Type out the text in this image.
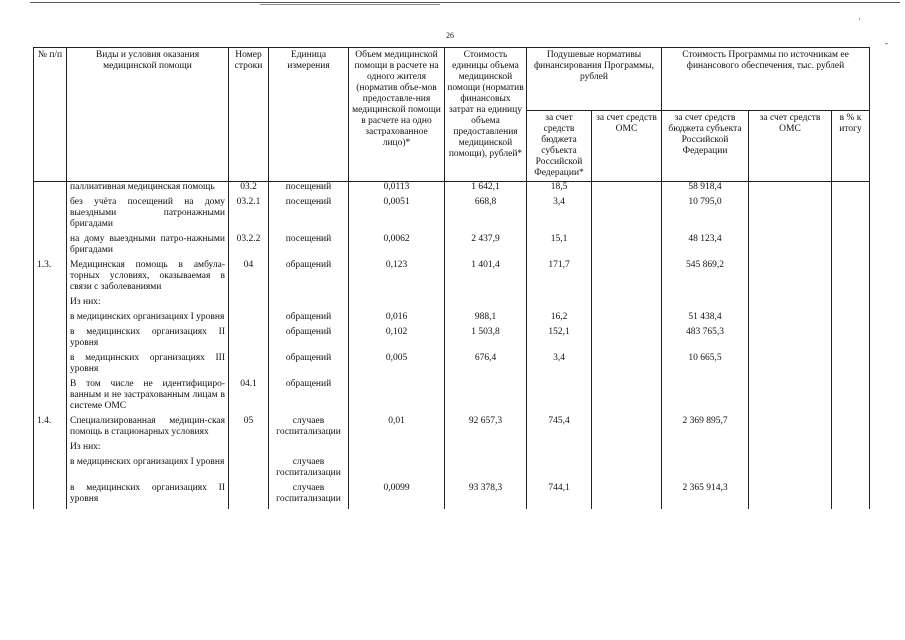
·
-
26
№ п/п	Виды и условия оказания медицинской помощи	Номер строки	Единица измерения	Объем медицинской помощи в расчете на одного жителя (норматив объе-мов предоставле-ния медицинской помощи в расчете на одно застрахованное лицо)*	Стоимость единицы объема медицинской помощи (норматив финансовых затрат на единицу объема предоставления медицинской помощи), рублей*	Подушевые нормативы финансирования Программы, рублей		Стоимость Программы по источникам ее финансового обеспечения, тыс. рублей		
						за счет средств бюджета субъекта Российской Федерации*	за счет средств ОМС	за счет средств бюджета субъекта Российской Федерации	за счет средств ОМС	в % к итогу
	паллиативная медицинская помощь	03.2	посещений	0,0113	1 642,1	18,5		58 918,4		
	без учёта посещений на дому выездными патронажными бригадами	03.2.1	посещений	0,0051	668,8	3,4		10 795,0		
	на дому выездными патро-нажными бригадами	03.2.2	посещений	0,0062	2 437,9	15,1		48 123,4		
1.3.	Медицинская помощь в амбула-торных условиях, оказываемая в связи с заболеваниями	04	обращений	0,123	1 401,4	171,7		545 869,2		
	Из них:									
	в медицинских организациях I уровня		обращений	0,016	988,1	16,2		51 438,4		
	в медицинских организациях II уровня		обращений	0,102	1 503,8	152,1		483 765,3		
	в медицинских организациях III уровня		обращений	0,005	676,4	3,4		10 665,5		
	В том числе не идентифициро-ванным и не застрахованным лицам в системе ОМС	04.1	обращений							
1.4.	Специализированная медицин-ская помощь в стационарных условиях	05	случаев госпитализации	0,01	92 657,3	745,4		2 369 895,7		
	Из них:									
	в медицинских организациях I уровня		случаев госпитализации							
	в медицинских организациях II уровня		случаев госпитализации	0,0099	93 378,3	744,1		2 365 914,3		
